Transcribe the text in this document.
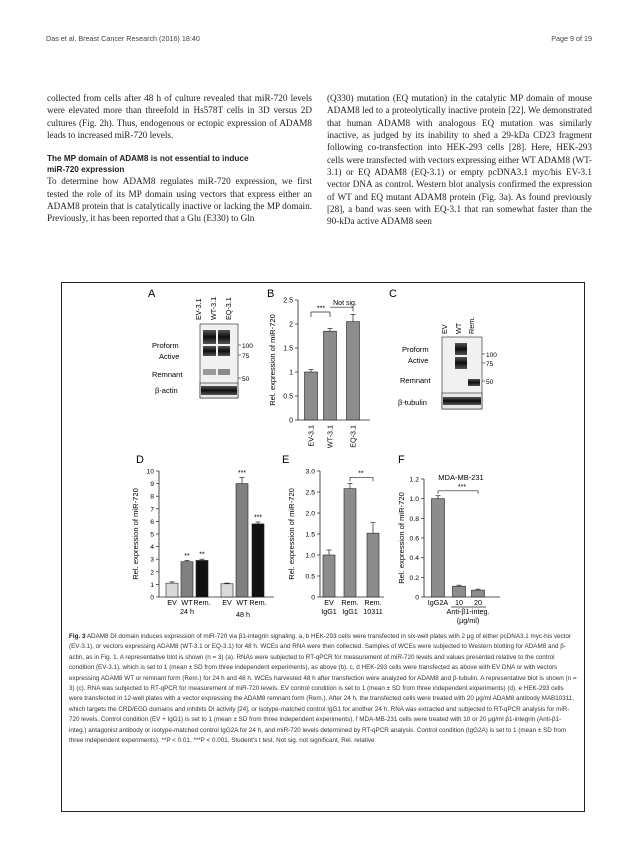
Das et al. Breast Cancer Research (2016) 18:40	Page 9 of 19

collected from cells after 48 h of culture revealed that miR-720 levels were elevated more than threefold in Hs578T cells in 3D versus 2D cultures (Fig. 2h). Thus, endogenous or ectopic expression of ADAM8 leads to increased miR-720 levels.

The MP domain of ADAM8 is not essential to induce
miR-720 expression

To determine how ADAM8 regulates miR-720 expression, we first tested the role of its MP domain using vectors that express either an ADAM8 protein that is catalytically inactive or lacking the MP domain. Previously, it has been reported that a Glu (E330) to Gln

(Q330) mutation (EQ mutation) in the catalytic MP domain of mouse ADAM8 led to a proteolytically inactive protein [22]. We demonstrated that human ADAM8 with analogous EQ mutation was similarly inactive, as judged by its inability to shed a 29-kDa CD23 fragment following co-transfection into HEK-293 cells [28]. Here, HEK-293 cells were transfected with vectors expressing either WT ADAM8 (WT-3.1) or EQ ADAM8 (EQ-3.1) or empty pcDNA3.1 myc/his EV-3.1 vector DNA as control. Western blot analysis confirmed the expression of WT and EQ mutant ADAM8 protein (Fig. 3a). As found previously [28], a band was seen with EQ-3.1 that ran somewhat faster than the 90-kDa active ADAM8 seen

A	B	C
D	E	F
EV-3.1 WT-3.1 EQ-3.1
Proform
Active
Remnant
β-actin
100
75
50
EV WT Rem.
Proform
Active
Remnant
β-tubulin
100
75
50
0
0.5
1
1.5
2
2.5
Rel. expression of miR-720
EV-3.1 WT-3.1 EQ-3.1
***
Not sig.
0
1
2
3
4
5
6
7
8
9
10
Rel. expression of miR-720	** **
***
***
EV WT Rem. EV WT Rem.
24 h	48 h
0
0.5
1.0
1.5
2.0
2.5
3.0
Rel. expression of miR-720
EV
IgG1
Rem.
IgG1
Rem.
10311
**
0
0.2
0.4
0.6
0.8
1.0
1.2
Rel. expression of miR-720
MDA-MB-231
IgG2A 10 20
Anti-β1-integ.
(μg/ml)
***
Fig. 3 ADAM8 DI domain induces expression of miR-720 via β1-integrin signaling. a, b HEK-293 cells were transfected in six-well plates with 2 μg of either pcDNA3.1 myc-his vector (EV-3.1), or vectors expressing ADAM8 (WT-3.1 or EQ-3.1) for 48 h. WCEs and RNA were then collected. Samples of WCEs were subjected to Western blotting for ADAM8 and β-actin, as in Fig. 1. A representative blot is shown (n = 3) (a). RNAs were subjected to RT-qPCR for measurement of miR-720 levels and values presented relative to the control condition (EV-3.1), which is set to 1 (mean ± SD from three independent experiments), as above (b). c, d HEK-293 cells were transfected as above with EV DNA or with vectors expressing ADAM8 WT or remnant form (Rem.) for 24 h and 48 h. WCEs harvested 48 h after transfection were analyzed for ADAM8 and β-tubulin. A representative blot is shown (n = 3) (c). RNA was subjected to RT-qPCR for measurement of miR-720 levels. EV control condition is set to 1 (mean ± SD from three independent experiments) (d). e HEK-293 cells were transfected in 12-well plates with a vector expressing the ADAM8 remnant form (Rem.). After 24 h, the transfected cells were treated with 20 μg/ml ADAM8 antibody MAB10311, which targets the CRD/EGD domains and inhibits DI activity [24], or isotype-matched control IgG1 for another 24 h. RNA was extracted and subjected to RT-qPCR analysis for miR-720 levels. Control condition (EV + IgG1) is set to 1 (mean ± SD from three independent experiments). f MDA-MB-231 cells were treated with 10 or 20 μg/ml β1-integrin (Anti-β1-integ.) antagonist antibody or isotype-matched control IgG2A for 24 h, and miR-720 levels determined by RT-qPCR analysis. Control condition (IgG2A) is set to 1 (mean ± SD from three independent experiments). **P < 0.01, ***P < 0.001, Student's t test. Not sig. not significant, Rel. relative
